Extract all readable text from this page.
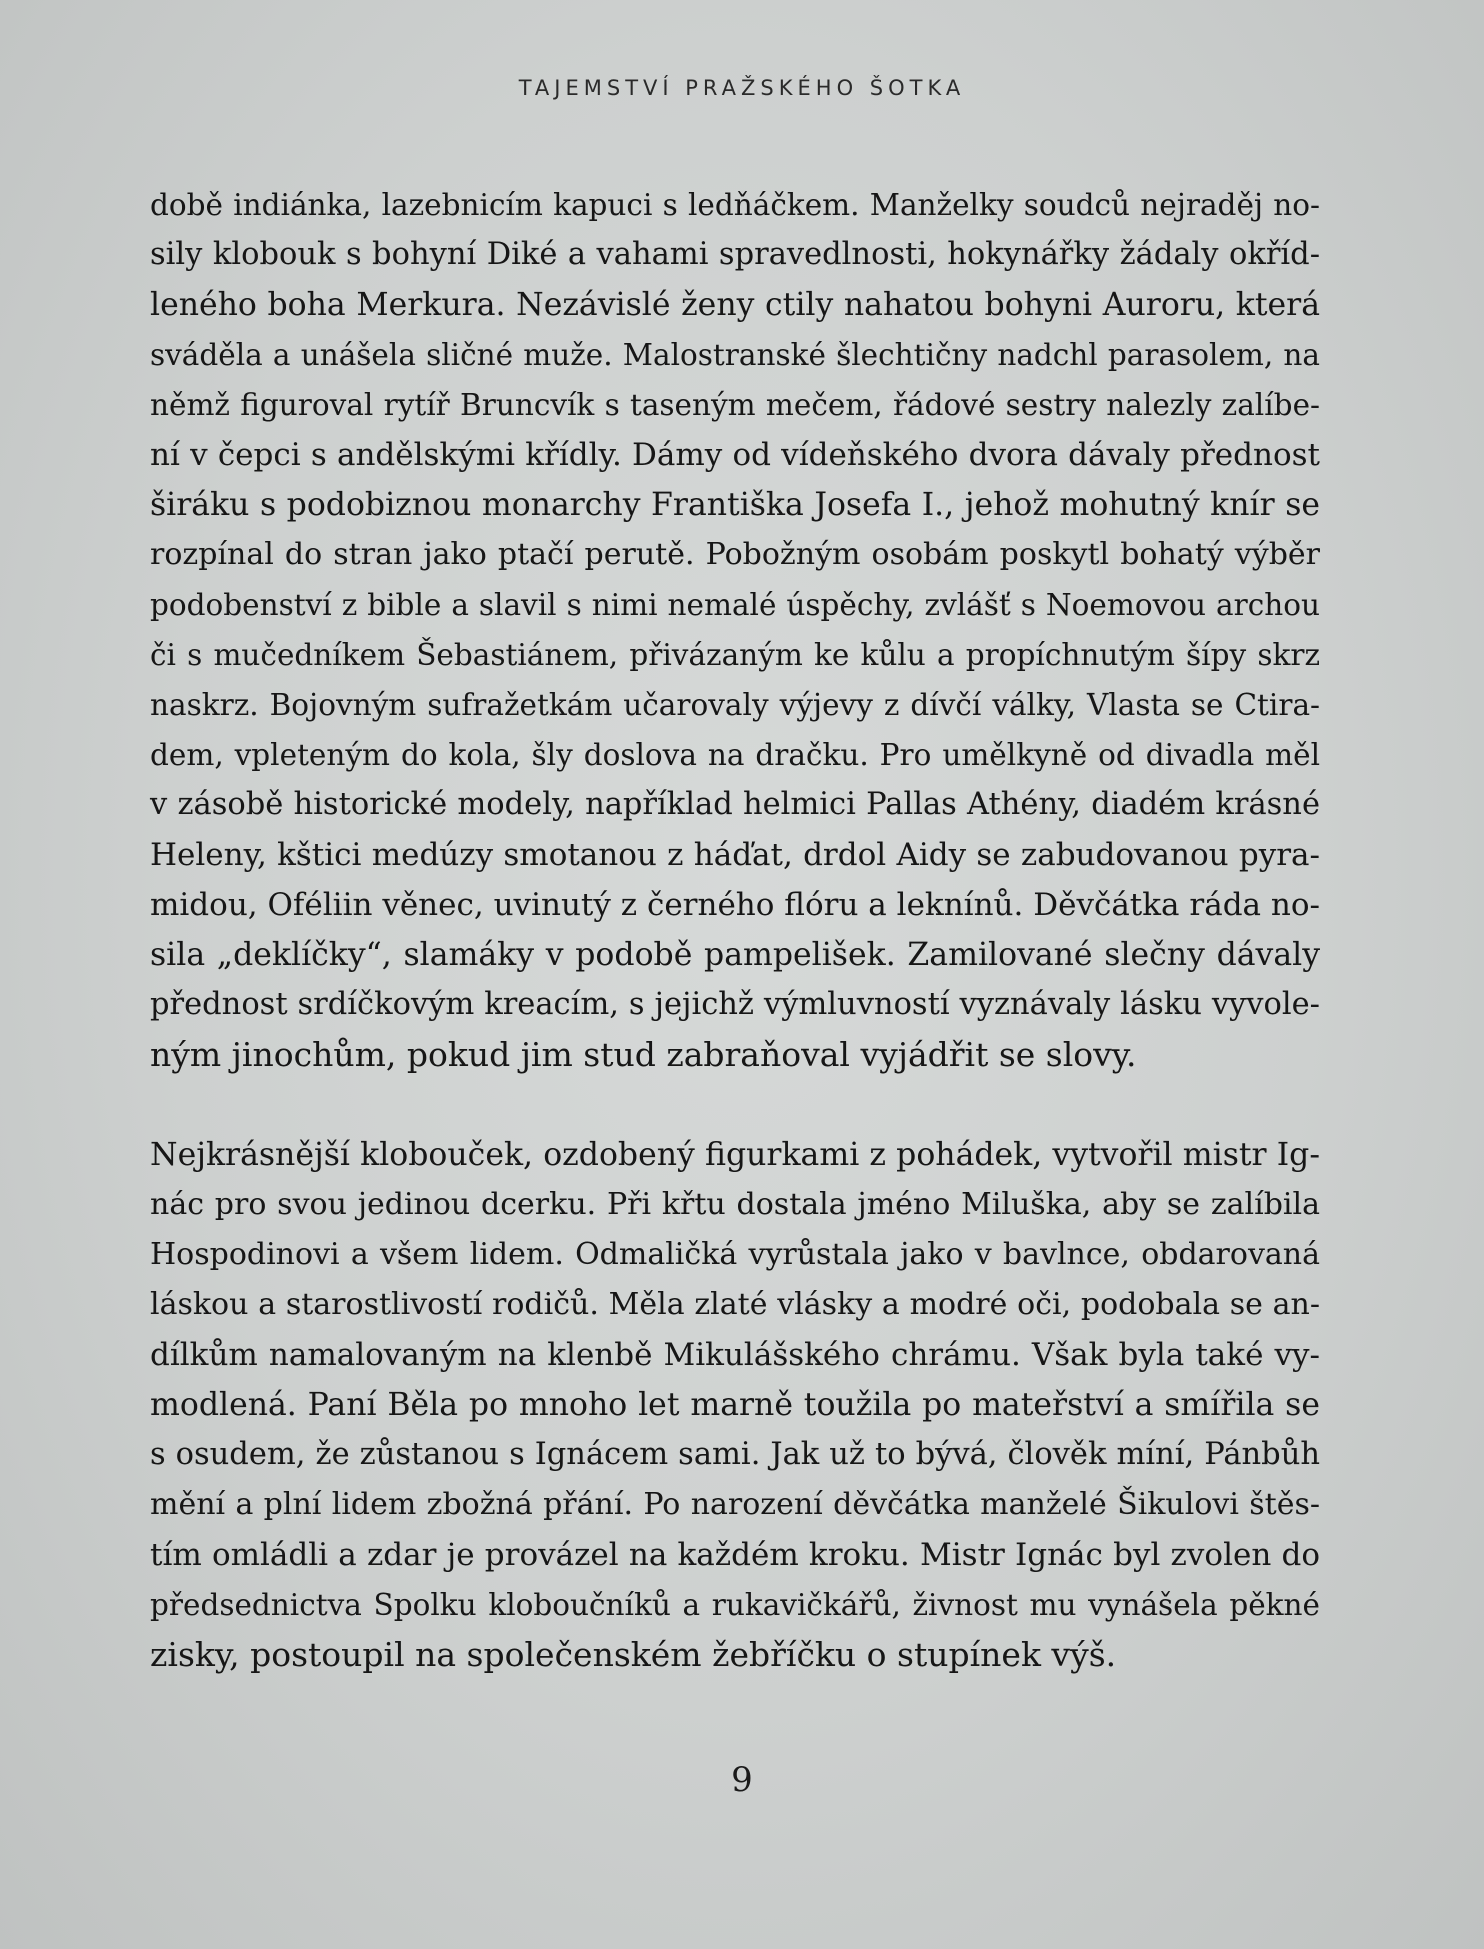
TAJEMSTVÍ PRAŽSKÉHO ŠOTKA

době indiánka, lazebnicím kapuci s ledňáčkem. Manželky soudců nejraděj no-
sily klobouk s bohyní Diké a vahami spravedlnosti, hokynářky žádaly okříd-
leného boha Merkura. Nezávislé ženy ctily nahatou bohyni Auroru, která
sváděla a unášela sličné muže. Malostranské šlechtičny nadchl parasolem, na
němž figuroval rytíř Bruncvík s taseným mečem, řádové sestry nalezly zalíbe-
ní v čepci s andělskými křídly. Dámy od vídeňského dvora dávaly přednost
širáku s podobiznou monarchy Františka Josefa I., jehož mohutný knír se
rozpínal do stran jako ptačí perutě. Pobožným osobám poskytl bohatý výběr
podobenství z bible a slavil s nimi nemalé úspěchy, zvlášť s Noemovou archou
či s mučedníkem Šebastiánem, přivázaným ke kůlu a propíchnutým šípy skrz
naskrz. Bojovným sufražetkám učarovaly výjevy z dívčí války, Vlasta se Ctira-
dem, vpleteným do kola, šly doslova na dračku. Pro umělkyně od divadla měl
v zásobě historické modely, například helmici Pallas Athény, diadém krásné
Heleny, kštici medúzy smotanou z háďat, drdol Aidy se zabudovanou pyra-
midou, Oféliin věnec, uvinutý z černého flóru a leknínů. Děvčátka ráda no-
sila „deklíčky“, slamáky v podobě pampelišek. Zamilované slečny dávaly
přednost srdíčkovým kreacím, s jejichž výmluvností vyznávaly lásku vyvole-
ným jinochům, pokud jim stud zabraňoval vyjádřit se slovy.
Nejkrásnější klobouček, ozdobený figurkami z pohádek, vytvořil mistr Ig-
nác pro svou jedinou dcerku. Při křtu dostala jméno Miluška, aby se zalíbila
Hospodinovi a všem lidem. Odmaličká vyrůstala jako v bavlnce, obdarovaná
láskou a starostlivostí rodičů. Měla zlaté vlásky a modré oči, podobala se an-
dílkům namalovaným na klenbě Mikulášského chrámu. Však byla také vy-
modlená. Paní Běla po mnoho let marně toužila po mateřství a smířila se
s osudem, že zůstanou s Ignácem sami. Jak už to bývá, člověk míní, Pánbůh
mění a plní lidem zbožná přání. Po narození děvčátka manželé Šikulovi štěs-
tím omládli a zdar je provázel na každém kroku. Mistr Ignác byl zvolen do
předsednictva Spolku kloboučníků a rukavičkářů, živnost mu vynášela pěkné
zisky, postoupil na společenském žebříčku o stupínek výš.

9
